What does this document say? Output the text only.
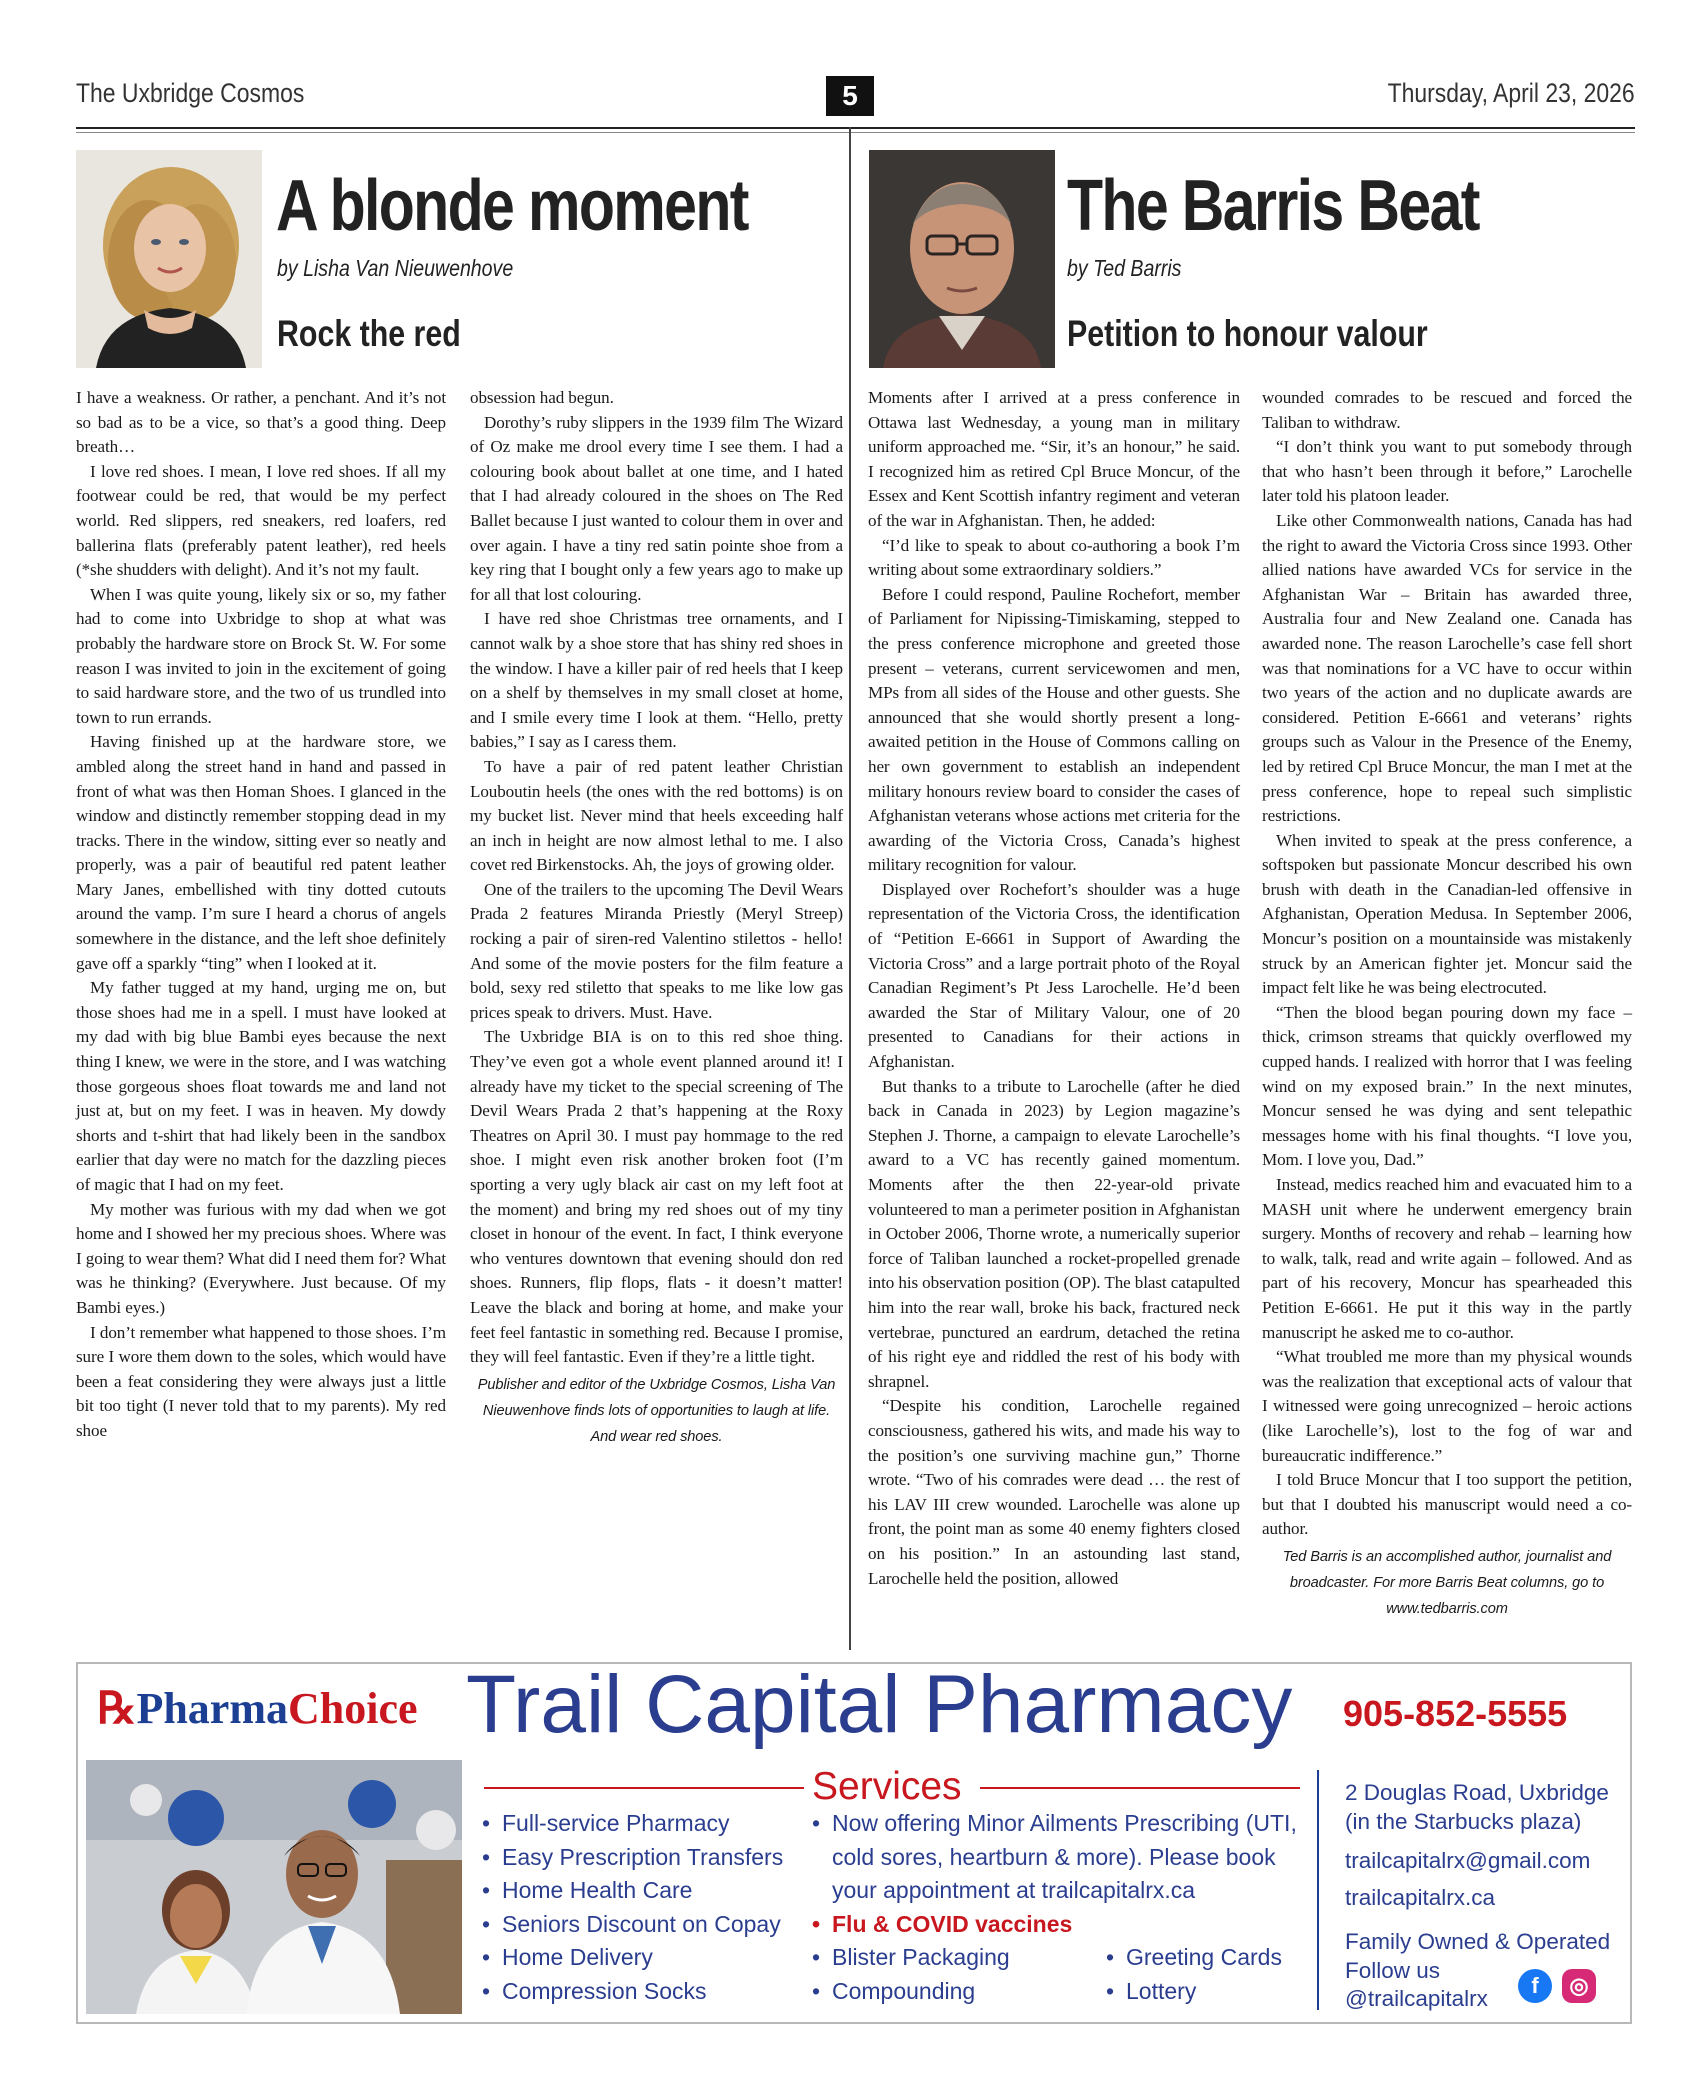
The Uxbridge Cosmos	5	Thursday, April 23, 2026
A blonde moment
by Lisha Van Nieuwenhove
Rock the red
The Barris Beat
by Ted Barris
Petition to honour valour

I have a weakness. Or rather, a penchant. And it’s not so bad as to be a vice, so that’s a good thing. Deep breath…

I love red shoes. I mean, I love red shoes. If all my footwear could be red, that would be my perfect world. Red slippers, red sneakers, red loafers, red ballerina flats (preferably patent leather), red heels (*she shudders with delight). And it’s not my fault.

When I was quite young, likely six or so, my father had to come into Uxbridge to shop at what was probably the hardware store on Brock St. W. For some reason I was invited to join in the excitement of going to said hardware store, and the two of us trundled into town to run errands.

Having finished up at the hardware store, we ambled along the street hand in hand and passed in front of what was then Homan Shoes. I glanced in the window and distinctly remember stopping dead in my tracks. There in the window, sitting ever so neatly and properly, was a pair of beautiful red patent leather Mary Janes, embellished with tiny dotted cutouts around the vamp. I’m sure I heard a chorus of angels somewhere in the distance, and the left shoe definitely gave off a sparkly “ting” when I looked at it.

My father tugged at my hand, urging me on, but those shoes had me in a spell. I must have looked at my dad with big blue Bambi eyes because the next thing I knew, we were in the store, and I was watching those gorgeous shoes float towards me and land not just at, but on my feet. I was in heaven. My dowdy shorts and t-shirt that had likely been in the sandbox earlier that day were no match for the dazzling pieces of magic that I had on my feet.

My mother was furious with my dad when we got home and I showed her my precious shoes. Where was I going to wear them? What did I need them for? What was he thinking? (Everywhere. Just because. Of my Bambi eyes.)

I don’t remember what happened to those shoes. I’m sure I wore them down to the soles, which would have been a feat considering they were always just a little bit too tight (I never told that to my parents). My red shoe

obsession had begun.

Dorothy’s ruby slippers in the 1939 film The Wizard of Oz make me drool every time I see them. I had a colouring book about ballet at one time, and I hated that I had already coloured in the shoes on The Red Ballet because I just wanted to colour them in over and over again. I have a tiny red satin pointe shoe from a key ring that I bought only a few years ago to make up for all that lost colouring.

I have red shoe Christmas tree ornaments, and I cannot walk by a shoe store that has shiny red shoes in the window. I have a killer pair of red heels that I keep on a shelf by themselves in my small closet at home, and I smile every time I look at them. “Hello, pretty babies,” I say as I caress them.

To have a pair of red patent leather Christian Louboutin heels (the ones with the red bottoms) is on my bucket list. Never mind that heels exceeding half an inch in height are now almost lethal to me. I also covet red Birkenstocks. Ah, the joys of growing older.

One of the trailers to the upcoming The Devil Wears Prada 2 features Miranda Priestly (Meryl Streep) rocking a pair of siren-red Valentino stilettos - hello! And some of the movie posters for the film feature a bold, sexy red stiletto that speaks to me like low gas prices speak to drivers. Must. Have.

The Uxbridge BIA is on to this red shoe thing. They’ve even got a whole event planned around it! I already have my ticket to the special screening of The Devil Wears Prada 2 that’s happening at the Roxy Theatres on April 30. I must pay hommage to the red shoe. I might even risk another broken foot (I’m sporting a very ugly black air cast on my left foot at the moment) and bring my red shoes out of my tiny closet in honour of the event. In fact, I think everyone who ventures downtown that evening should don red shoes. Runners, flip flops, flats - it doesn’t matter! Leave the black and boring at home, and make your feet feel fantastic in something red. Because I promise, they will feel fantastic. Even if they’re a little tight.

Publisher and editor of the Uxbridge Cosmos, Lisha Van Nieuwenhove finds lots of opportunities to laugh at life. And wear red shoes.

Moments after I arrived at a press conference in Ottawa last Wednesday, a young man in military uniform approached me. “Sir, it’s an honour,” he said. I recognized him as retired Cpl Bruce Moncur, of the Essex and Kent Scottish infantry regiment and veteran of the war in Afghanistan. Then, he added:

“I’d like to speak to about co-authoring a book I’m writing about some extraordinary soldiers.”

Before I could respond, Pauline Rochefort, member of Parliament for Nipissing-Timiskaming, stepped to the press conference microphone and greeted those present – veterans, current servicewomen and men, MPs from all sides of the House and other guests. She announced that she would shortly present a long-awaited petition in the House of Commons calling on her own government to establish an independent military honours review board to consider the cases of Afghanistan veterans whose actions met criteria for the awarding of the Victoria Cross, Canada’s highest military recognition for valour.

Displayed over Rochefort’s shoulder was a huge representation of the Victoria Cross, the identification of “Petition E-6661 in Support of Awarding the Victoria Cross” and a large portrait photo of the Royal Canadian Regiment’s Pt Jess Larochelle. He’d been awarded the Star of Military Valour, one of 20 presented to Canadians for their actions in Afghanistan.

But thanks to a tribute to Larochelle (after he died back in Canada in 2023) by Legion magazine’s Stephen J. Thorne, a campaign to elevate Larochelle’s award to a VC has recently gained momentum. Moments after the then 22-year-old private volunteered to man a perimeter position in Afghanistan in October 2006, Thorne wrote, a numerically superior force of Taliban launched a rocket-propelled grenade into his observation position (OP). The blast catapulted him into the rear wall, broke his back, fractured neck vertebrae, punctured an eardrum, detached the retina of his right eye and riddled the rest of his body with shrapnel.

“Despite his condition, Larochelle regained consciousness, gathered his wits, and made his way to the position’s one surviving machine gun,” Thorne wrote. “Two of his comrades were dead … the rest of his LAV III crew wounded. Larochelle was alone up front, the point man as some 40 enemy fighters closed on his position.” In an astounding last stand, Larochelle held the position, allowed

wounded comrades to be rescued and forced the Taliban to withdraw.

“I don’t think you want to put somebody through that who hasn’t been through it before,” Larochelle later told his platoon leader.

Like other Commonwealth nations, Canada has had the right to award the Victoria Cross since 1993. Other allied nations have awarded VCs for service in the Afghanistan War – Britain has awarded three, Australia four and New Zealand one. Canada has awarded none. The reason Larochelle’s case fell short was that nominations for a VC have to occur within two years of the action and no duplicate awards are considered. Petition E-6661 and veterans’ rights groups such as Valour in the Presence of the Enemy, led by retired Cpl Bruce Moncur, the man I met at the press conference, hope to repeal such simplistic restrictions.

When invited to speak at the press conference, a softspoken but passionate Moncur described his own brush with death in the Canadian-led offensive in Afghanistan, Operation Medusa. In September 2006, Moncur’s position on a mountainside was mistakenly struck by an American fighter jet. Moncur said the impact felt like he was being electrocuted.

“Then the blood began pouring down my face – thick, crimson streams that quickly overflowed my cupped hands. I realized with horror that I was feeling wind on my exposed brain.” In the next minutes, Moncur sensed he was dying and sent telepathic messages home with his final thoughts. “I love you, Mom. I love you, Dad.”

Instead, medics reached him and evacuated him to a MASH unit where he underwent emergency brain surgery. Months of recovery and rehab – learning how to walk, talk, read and write again – followed. And as part of his recovery, Moncur has spearheaded this Petition E-6661. He put it this way in the partly manuscript he asked me to co-author.

“What troubled me more than my physical wounds was the realization that exceptional acts of valour that I witnessed were going unrecognized – heroic actions (like Larochelle’s), lost to the fog of war and bureaucratic indifference.”

I told Bruce Moncur that I too support the petition, but that I doubted his manuscript would need a co-author.

Ted Barris is an accomplished author, journalist and broadcaster. For more Barris Beat columns, go to www.tedbarris.com

℞PharmaChoice Trail Capital Pharmacy 905-852-5555
Services
• Full-service Pharmacy
• Easy Prescription Transfers
• Home Health Care
• Seniors Discount on Copay
• Home Delivery
• Compression Socks
• Now offering Minor Ailments Prescribing (UTI,
cold sores, heartburn & more). Please book
your appointment at trailcapitalrx.ca
• Flu & COVID vaccines
• Blister Packaging
• Compounding
• Greeting Cards
• Lottery
2 Douglas Road, Uxbridge
(in the Starbucks plaza)
trailcapitalrx@gmail.com
trailcapitalrx.ca
Family Owned & Operated
Follow us
@trailcapitalrx
f	◎
